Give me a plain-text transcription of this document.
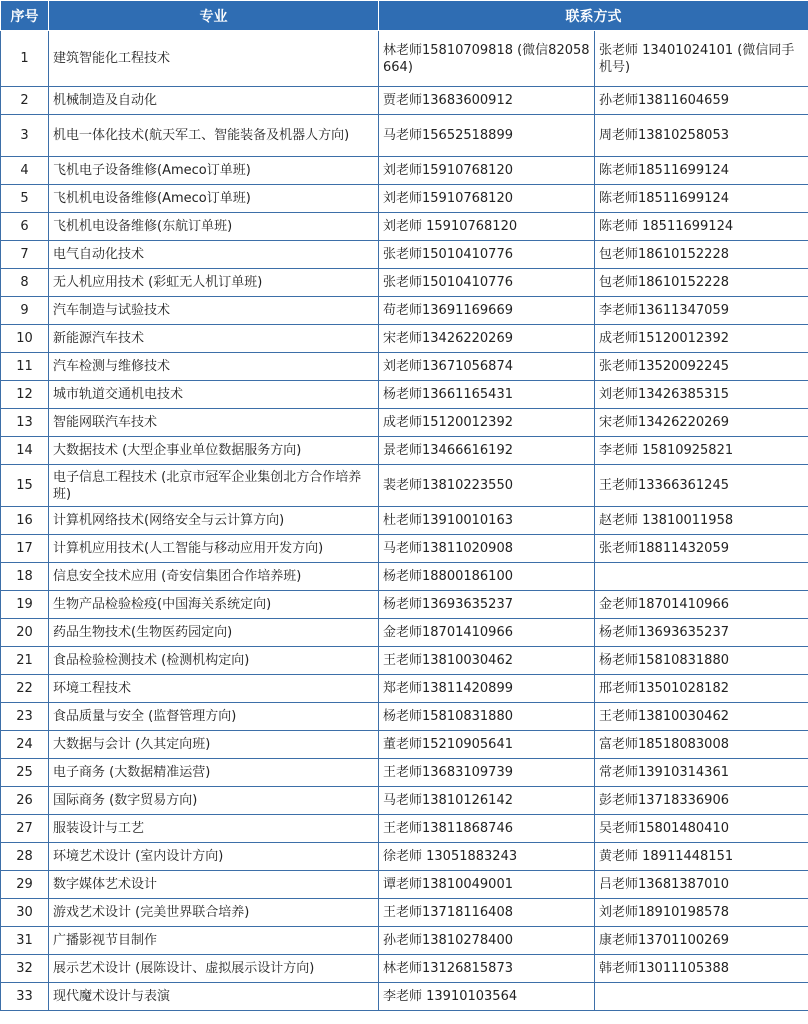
序号	专业	联系方式	
1	建筑智能化工程技术	林老师15810709818 (微信82058664)	张老师 13401024101 (微信同手机号)
2	机械制造及自动化	贾老师13683600912	孙老师13811604659
3	机电一体化技术(航天军工、智能装备及机器人方向)	马老师15652518899	周老师13810258053
4	飞机电子设备维修(Ameco订单班)	刘老师15910768120	陈老师18511699124
5	飞机机电设备维修(Ameco订单班)	刘老师15910768120	陈老师18511699124
6	飞机机电设备维修(东航订单班)	刘老师 15910768120	陈老师 18511699124
7	电气自动化技术	张老师15010410776	包老师18610152228
8	无人机应用技术 (彩虹无人机订单班)	张老师15010410776	包老师18610152228
9	汽车制造与试验技术	苟老师13691169669	李老师13611347059
10	新能源汽车技术	宋老师13426220269	成老师15120012392
11	汽车检测与维修技术	刘老师13671056874	张老师13520092245
12	城市轨道交通机电技术	杨老师13661165431	刘老师13426385315
13	智能网联汽车技术	成老师15120012392	宋老师13426220269
14	大数据技术 (大型企事业单位数据服务方向)	景老师13466616192	李老师 15810925821
15	电子信息工程技术 (北京市冠军企业集创北方合作培养班)	裴老师13810223550	王老师13366361245
16	计算机网络技术(网络安全与云计算方向)	杜老师13910010163	赵老师 13810011958
17	计算机应用技术(人工智能与移动应用开发方向)	马老师13811020908	张老师18811432059
18	信息安全技术应用 (奇安信集团合作培养班)	杨老师18800186100	
19	生物产品检验检疫(中国海关系统定向)	杨老师13693635237	金老师18701410966
20	药品生物技术(生物医药园定向)	金老师18701410966	杨老师13693635237
21	食品检验检测技术 (检测机构定向)	王老师13810030462	杨老师15810831880
22	环境工程技术	郑老师13811420899	邢老师13501028182
23	食品质量与安全 (监督管理方向)	杨老师15810831880	王老师13810030462
24	大数据与会计 (久其定向班)	董老师15210905641	富老师18518083008
25	电子商务 (大数据精准运营)	王老师13683109739	常老师13910314361
26	国际商务 (数字贸易方向)	马老师13810126142	彭老师13718336906
27	服装设计与工艺	王老师13811868746	吴老师15801480410
28	环境艺术设计 (室内设计方向)	徐老师 13051883243	黄老师 18911448151
29	数字媒体艺术设计	谭老师13810049001	吕老师13681387010
30	游戏艺术设计 (完美世界联合培养)	王老师13718116408	刘老师18910198578
31	广播影视节目制作	孙老师13810278400	康老师13701100269
32	展示艺术设计 (展陈设计、虚拟展示设计方向)	林老师13126815873	韩老师13011105388
33	现代魔术设计与表演	李老师 13910103564	
